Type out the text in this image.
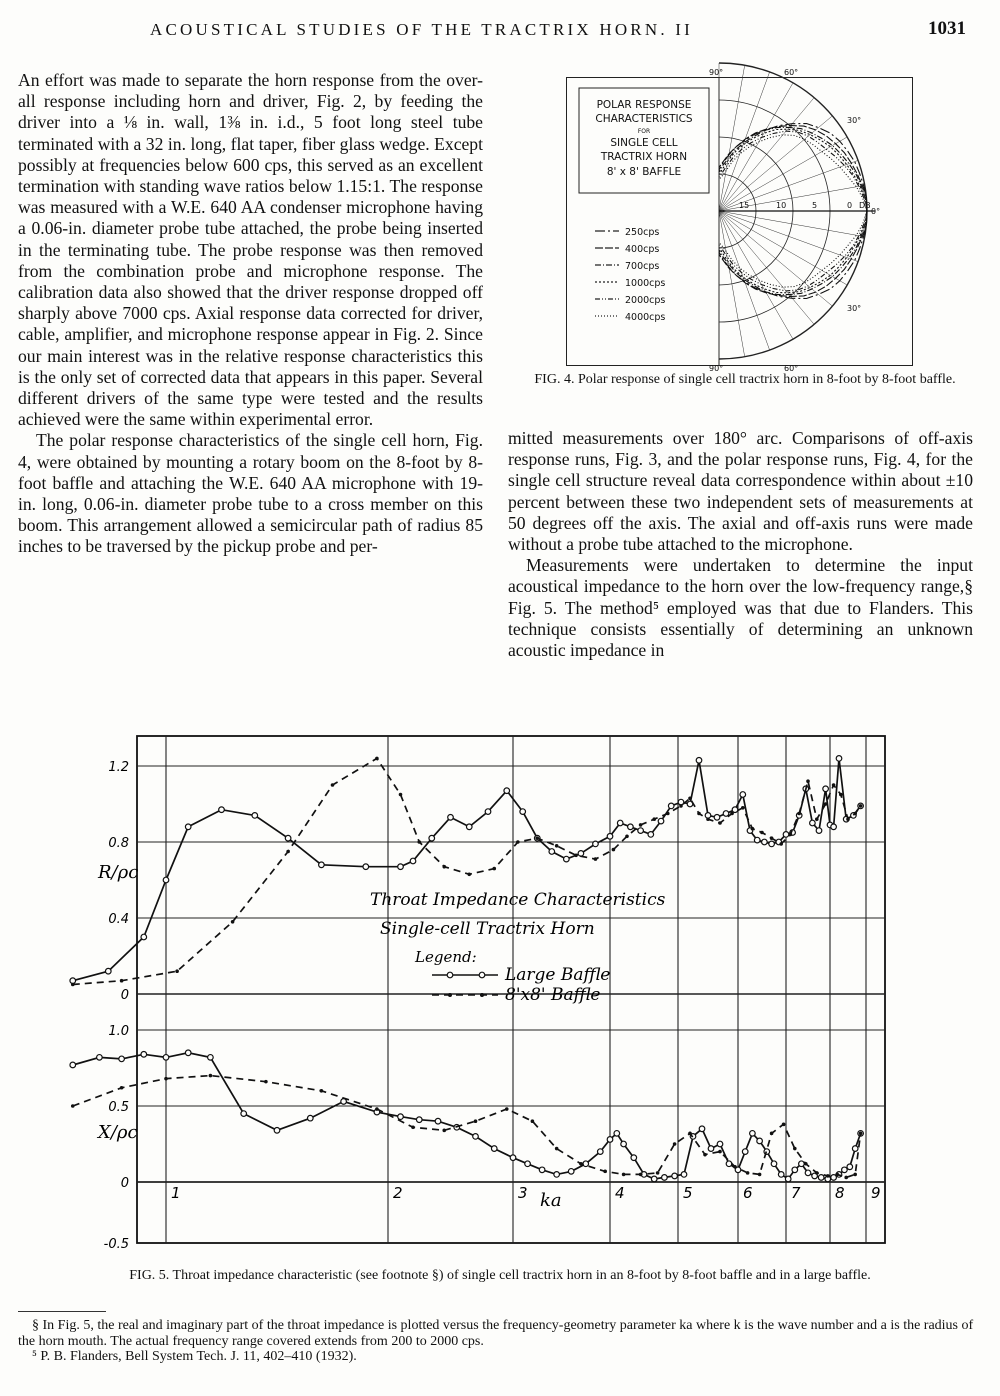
ACOUSTICAL STUDIES OF THE TRACTRIX HORN. II	1031

An effort was made to separate the horn response from the over-all response including horn and driver, Fig. 2, by feeding the driver into a ⅛ in. wall, 1⅜ in. i.d., 5 foot long steel tube terminated with a 32 in. long, flat taper, fiber glass wedge. Except possibly at frequencies below 600 cps, this served as an excellent termination with standing wave ratios below 1.15:1. The response was measured with a W.E. 640 AA condenser microphone having a 0.06-in. diameter probe tube attached, the probe being inserted in the terminating tube. The probe response was then removed from the combination probe and microphone response. The calibration data also showed that the driver response dropped off sharply above 7000 cps. Axial response data corrected for driver, cable, amplifier, and microphone response appear in Fig. 2. Since our main interest was in the relative response characteristics this is the only set of corrected data that appears in this paper. Several different drivers of the same type were tested and the results achieved were the same within experimental error.

The polar response characteristics of the single cell horn, Fig. 4, were obtained by mounting a rotary boom on the 8-foot by 8-foot baffle and attaching the W.E. 640 AA microphone with 19-in. long, 0.06-in. diameter probe tube to a cross member on this boom. This arrangement allowed a semicircular path of radius 85 inches to be traversed by the pickup probe and per-

POLAR RESPONSE
CHARACTERISTICS
FOR
SINGLE CELL
TRACTRIX HORN
8' x 8' BAFFLE
250cps
400cps
700cps
1000cps
2000cps
4000cps
15	10	5	0 DB
90°	60°
30°
0°
30°
90°	60°
FIG. 4. Polar response of single cell tractrix horn in 8-foot by 8-foot baffle.

mitted measurements over 180° arc. Comparisons of off-axis response runs, Fig. 3, and the polar response runs, Fig. 4, for the single cell structure reveal data correspondence within about ±10 percent between these two independent sets of measurements at 50 degrees off the axis. The axial and off-axis runs were made without a probe tube attached to the microphone.

Measurements were undertaken to determine the input acoustical impedance to the horn over the low-frequency range,§ Fig. 5. The method⁵ employed was that due to Flanders. This technique consists essentially of determining an unknown acoustic impedance in

1.2
0.8
0.4
0
1.0
0.5
0
-0.5
R/ρc
X/ρc
1	2	3	4	5	6	7 8 9
ka
Throat Impedance Characteristics
Single-cell Tractrix Horn
Legend:
Large Baffle
8'x8' Baffle
FIG. 5. Throat impedance characteristic (see footnote §) of single cell tractrix horn in an 8-foot by 8-foot baffle and in a large baffle.
§ In Fig. 5, the real and imaginary part of the throat impedance is plotted versus the frequency-geometry parameter ka where k is the wave number and a is the radius of the horn mouth. The actual frequency range covered extends from 200 to 2000 cps.
⁵ P. B. Flanders, Bell System Tech. J. 11, 402–410 (1932).
